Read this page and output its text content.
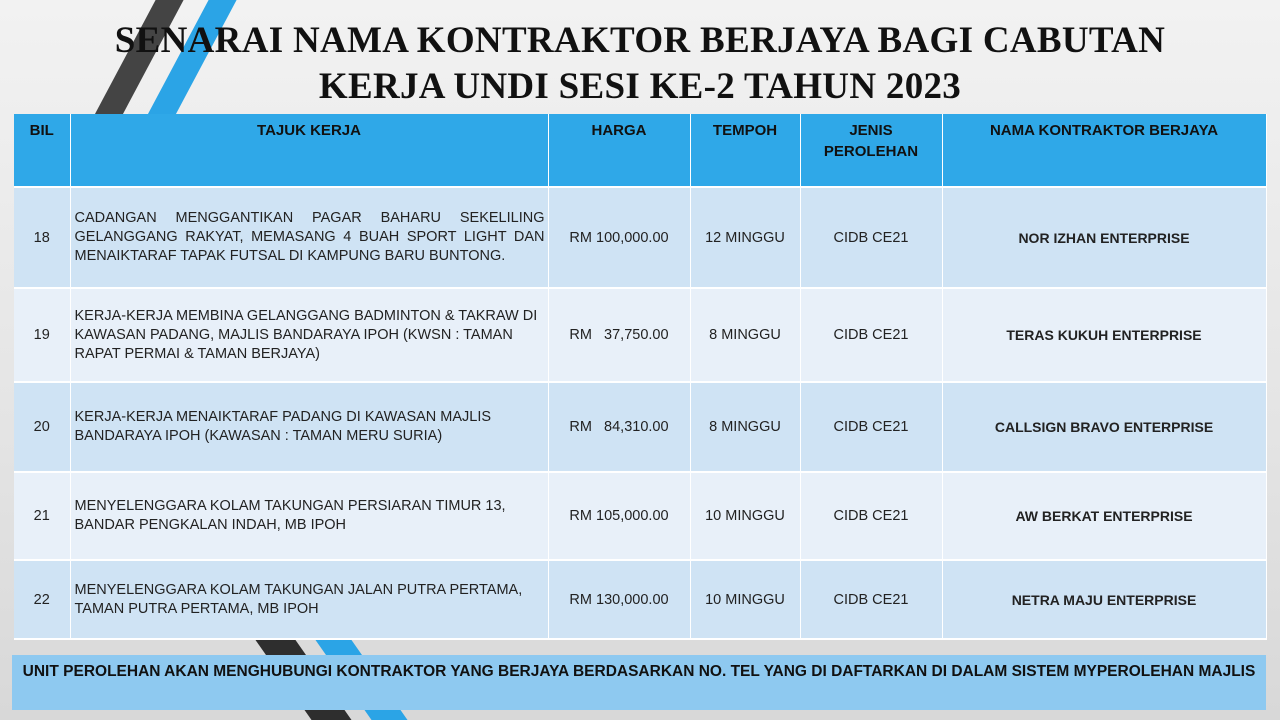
SENARAI NAMA KONTRAKTOR BERJAYA BAGI CABUTAN
KERJA UNDI SESI KE-2 TAHUN 2023
BIL	TAJUK KERJA	HARGA	TEMPOH	JENIS PEROLEHAN	NAMA KONTRAKTOR BERJAYA
18	CADANGAN MENGGANTIKAN PAGAR BAHARU SEKELILING GELANGGANG RAKYAT, MEMASANG 4 BUAH SPORT LIGHT DAN MENAIKTARAF TAPAK FUTSAL DI KAMPUNG BARU BUNTONG.	RM 100,000.00	12 MINGGU	CIDB CE21	NOR IZHAN ENTERPRISE
19	KERJA-KERJA MEMBINA GELANGGANG BADMINTON & TAKRAW DI KAWASAN PADANG, MAJLIS BANDARAYA IPOH (KWSN : TAMAN RAPAT PERMAI & TAMAN BERJAYA)	RM   37,750.00	8 MINGGU	CIDB CE21	TERAS KUKUH ENTERPRISE
20	KERJA-KERJA MENAIKTARAF PADANG DI KAWASAN MAJLIS BANDARAYA IPOH (KAWASAN : TAMAN MERU SURIA)	RM   84,310.00	8 MINGGU	CIDB CE21	CALLSIGN BRAVO ENTERPRISE
21	MENYELENGGARA KOLAM TAKUNGAN PERSIARAN TIMUR 13, BANDAR PENGKALAN INDAH, MB IPOH	RM 105,000.00	10 MINGGU	CIDB CE21	AW BERKAT ENTERPRISE
22	MENYELENGGARA KOLAM TAKUNGAN JALAN PUTRA PERTAMA, TAMAN PUTRA PERTAMA, MB IPOH	RM 130,000.00	10 MINGGU	CIDB CE21	NETRA MAJU ENTERPRISE
UNIT PEROLEHAN AKAN MENGHUBUNGI KONTRAKTOR YANG BERJAYA BERDASARKAN NO. TEL YANG DI DAFTARKAN DI DALAM SISTEM MYPEROLEHAN MAJLIS
